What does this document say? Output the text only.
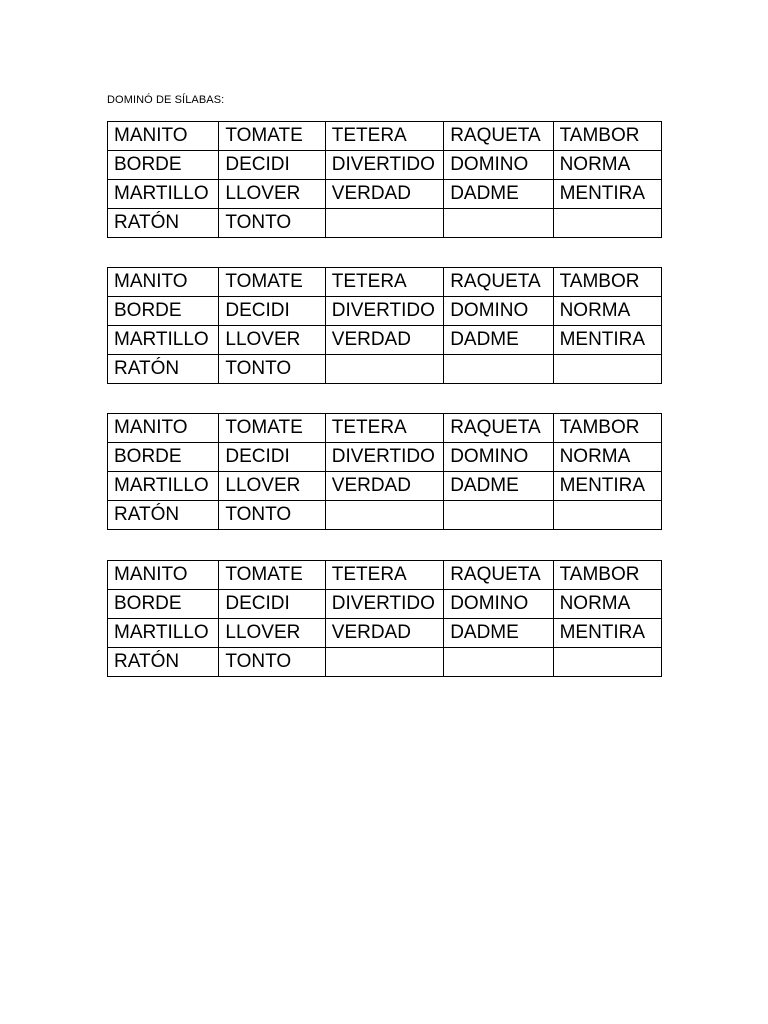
DOMINÓ DE SÍLABAS:
MANITO	TOMATE	TETERA	RAQUETA	TAMBOR
BORDE	DECIDI	DIVERTIDO	DOMINO	NORMA
MARTILLO	LLOVER	VERDAD	DADME	MENTIRA
RATÓN	TONTO			
MANITO	TOMATE	TETERA	RAQUETA	TAMBOR
BORDE	DECIDI	DIVERTIDO	DOMINO	NORMA
MARTILLO	LLOVER	VERDAD	DADME	MENTIRA
RATÓN	TONTO			
MANITO	TOMATE	TETERA	RAQUETA	TAMBOR
BORDE	DECIDI	DIVERTIDO	DOMINO	NORMA
MARTILLO	LLOVER	VERDAD	DADME	MENTIRA
RATÓN	TONTO			
MANITO	TOMATE	TETERA	RAQUETA	TAMBOR
BORDE	DECIDI	DIVERTIDO	DOMINO	NORMA
MARTILLO	LLOVER	VERDAD	DADME	MENTIRA
RATÓN	TONTO			
